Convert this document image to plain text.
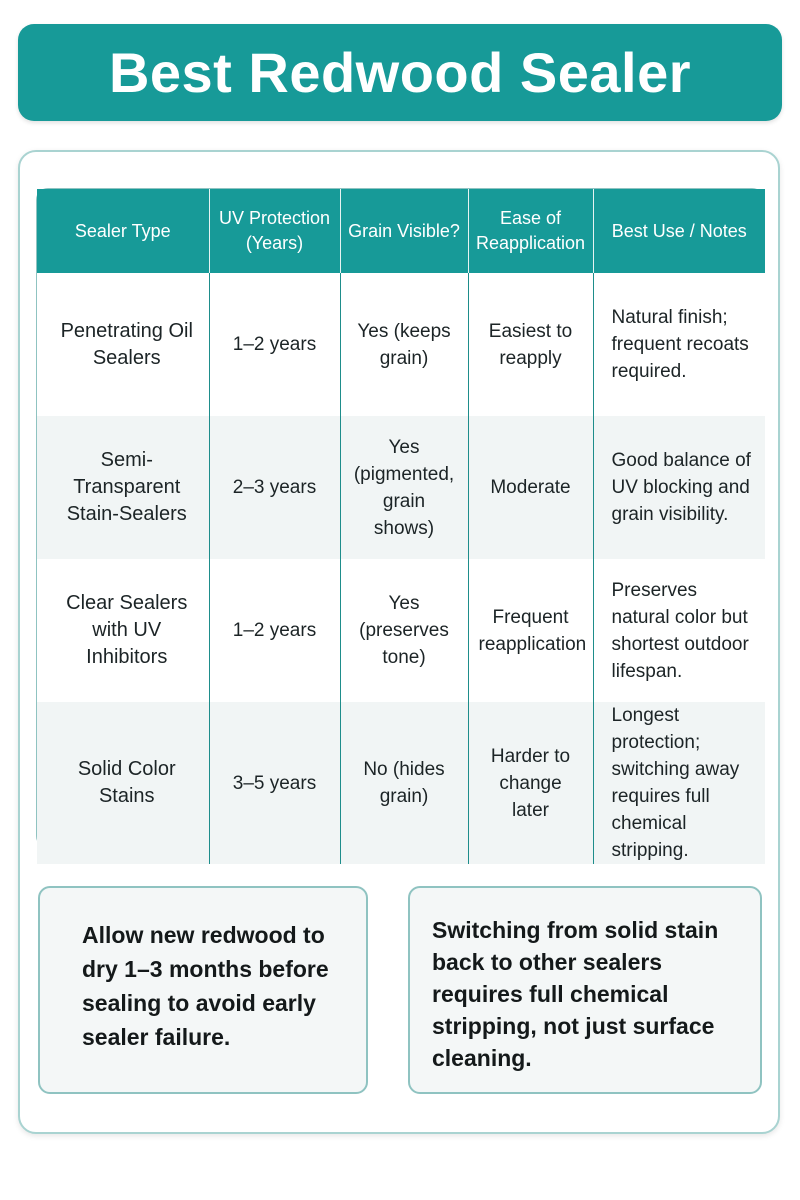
Best Redwood Sealer
Sealer Type	UV Protection (Years)	Grain Visible?	Ease of Reapplication	Best Use / Notes
Penetrating Oil Sealers	1–2 years	Yes (keeps grain)	Easiest to reapply	Natural finish; frequent recoats required.
Semi-Transparent Stain-Sealers	2–3 years	Yes (pigmented, grain shows)	Moderate	Good balance of UV blocking and grain visibility.
Clear Sealers with UV Inhibitors	1–2 years	Yes (preserves tone)	Frequent reapplication	Preserves natural color but shortest outdoor lifespan.
Solid Color Stains	3–5 years	No (hides grain)	Harder to change later	Longest protection; switching away requires full chemical stripping.
Allow new redwood to dry 1–3 months before sealing to avoid early sealer failure.
Switching from solid stain back to other sealers requires full chemical stripping, not just surface cleaning.
